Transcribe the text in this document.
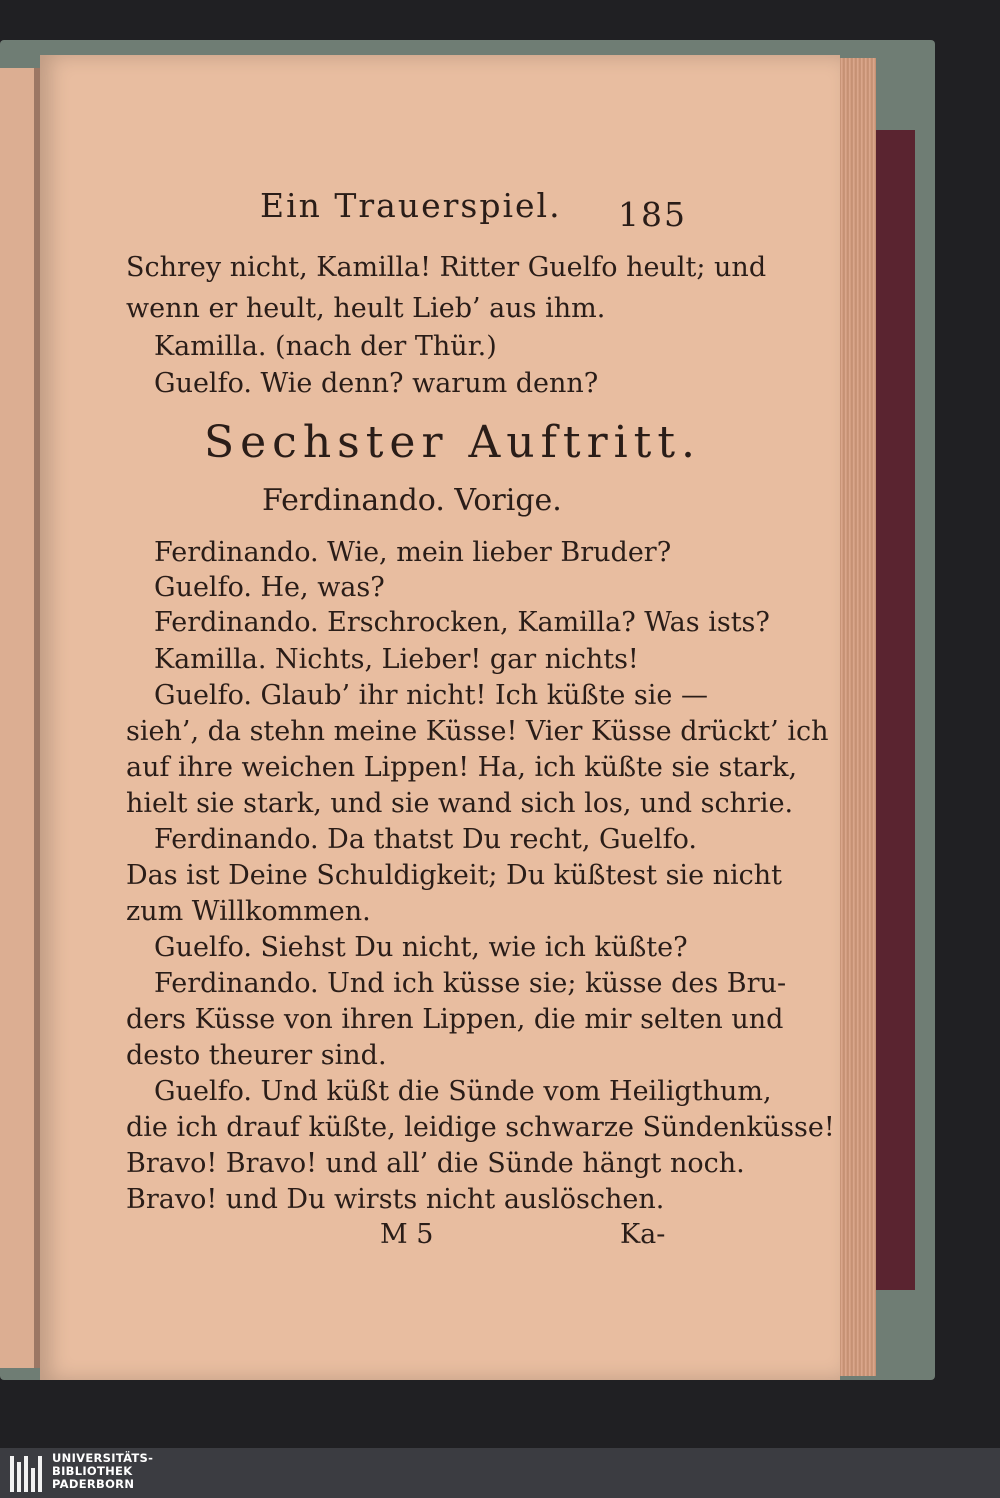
Ein Trauerspiel. 185
Schrey nicht, Kamilla! Ritter Guelfo heult; und
wenn er heult, heult Lieb’ aus ihm.
Kamilla. (nach der Thür.)
Guelfo. Wie denn? warum denn?
Sechster Auftritt.
Ferdinando. Vorige.
Ferdinando. Wie, mein lieber Bruder?
Guelfo. He, was?
Ferdinando. Erschrocken, Kamilla? Was ists?
Kamilla. Nichts, Lieber! gar nichts!
Guelfo. Glaub’ ihr nicht! Ich küßte sie —
sieh’, da stehn meine Küsse! Vier Küsse drückt’ ich
auf ihre weichen Lippen! Ha, ich küßte sie stark,
hielt sie stark, und sie wand sich los, und schrie.
Ferdinando. Da thatst Du recht, Guelfo.
Das ist Deine Schuldigkeit; Du küßtest sie nicht
zum Willkommen.
Guelfo. Siehst Du nicht, wie ich küßte?
Ferdinando. Und ich küsse sie; küsse des Bru-
ders Küsse von ihren Lippen, die mir selten und
desto theurer sind.
Guelfo. Und küßt die Sünde vom Heiligthum,
die ich drauf küßte, leidige schwarze Sündenküsse!
Bravo! Bravo! und all’ die Sünde hängt noch.
Bravo! und Du wirsts nicht auslöschen.
M 5	Ka-
UNIVERSITÄTS-
BIBLIOTHEK
PADERBORN
